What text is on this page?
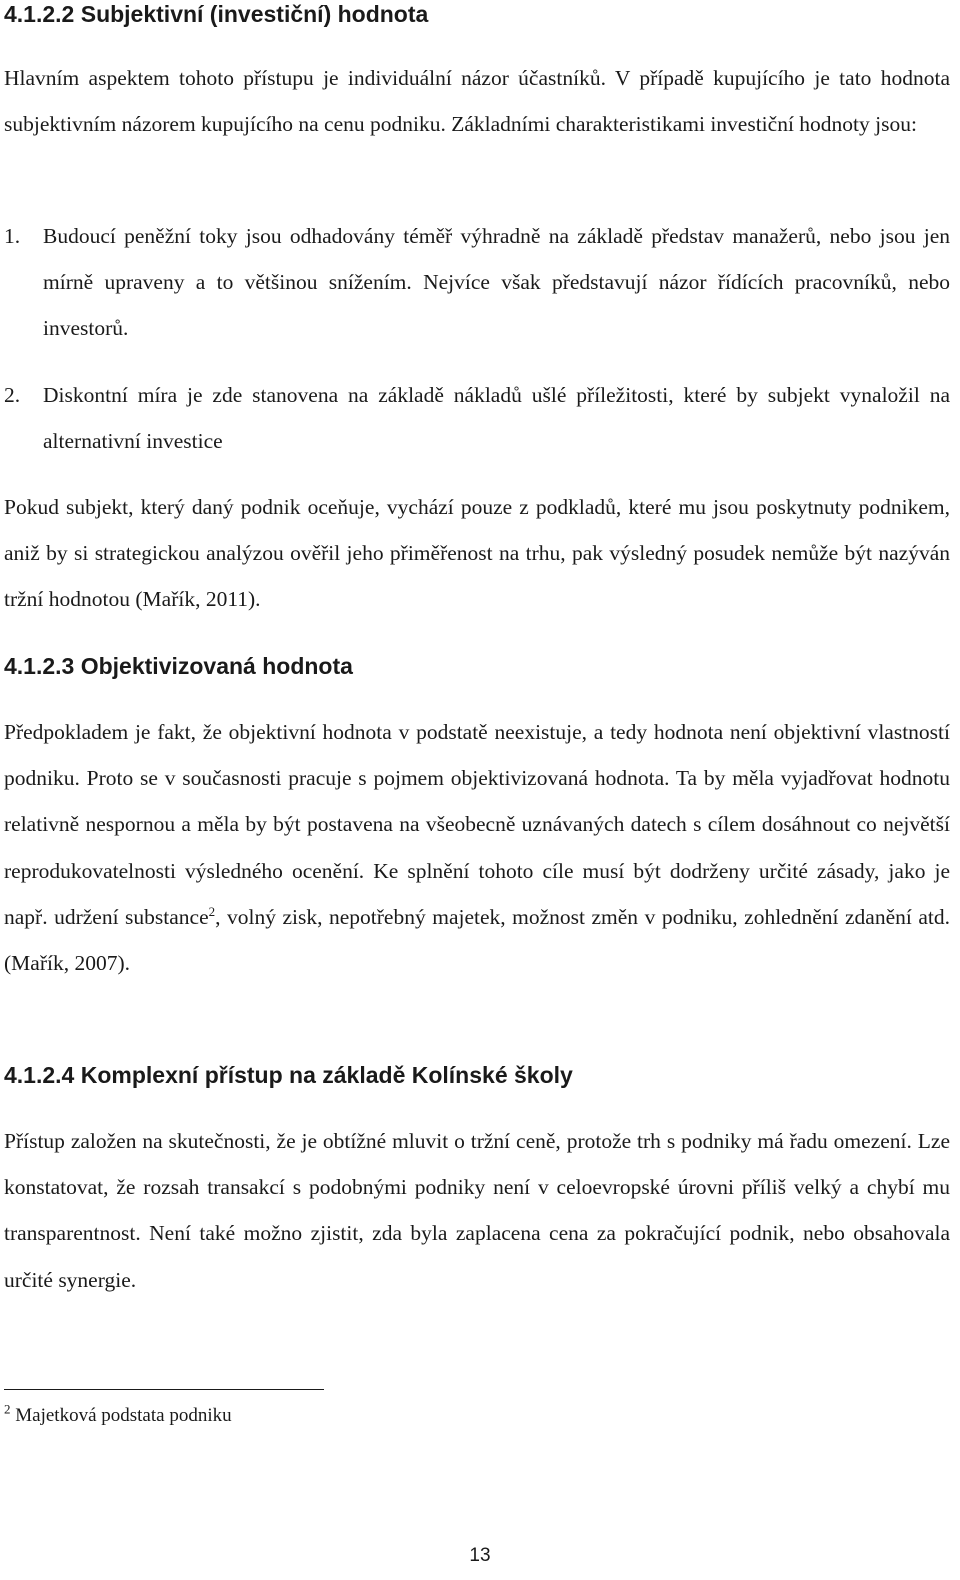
4.1.2.2 Subjektivní (investiční) hodnota

Hlavním aspektem tohoto přístupu je individuální názor účastníků. V případě kupujícího je tato hodnota subjektivním názorem kupujícího na cenu podniku. Základními charakteristikami investiční hodnoty jsou:

1. Budoucí peněžní toky jsou odhadovány téměř výhradně na základě představ manažerů, nebo jsou jen mírně upraveny a to většinou snížením. Nejvíce však představují názor řídících pracovníků, nebo investorů.
2. Diskontní míra je zde stanovena na základě nákladů ušlé příležitosti, které by subjekt vynaložil na alternativní investice

Pokud subjekt, který daný podnik oceňuje, vychází pouze z podkladů, které mu jsou poskytnuty podnikem, aniž by si strategickou analýzou ověřil jeho přiměřenost na trhu, pak výsledný posudek nemůže být nazýván tržní hodnotou (Mařík, 2011).

4.1.2.3 Objektivizovaná hodnota

Předpokladem je fakt, že objektivní hodnota v podstatě neexistuje, a tedy hodnota není objektivní vlastností podniku. Proto se v současnosti pracuje s pojmem objektivizovaná hodnota. Ta by měla vyjadřovat hodnotu relativně nespornou a měla by být postavena na všeobecně uznávaných datech s cílem dosáhnout co největší reprodukovatelnosti výsledného ocenění. Ke splnění tohoto cíle musí být dodrženy určité zásady, jako je např. udržení substance$^2$, volný zisk, nepotřebný majetek, možnost změn v podniku, zohlednění zdanění atd. (Mařík, 2007).

4.1.2.4 Komplexní přístup na základě Kolínské školy

Přístup založen na skutečnosti, že je obtížné mluvit o tržní ceně, protože trh s podniky má řadu omezení. Lze konstatovat, že rozsah transakcí s podobnými podniky není v celoevropské úrovni příliš velký a chybí mu transparentnost. Není také možno zjistit, zda byla zaplacena cena za pokračující podnik, nebo obsahovala určité synergie.

$^2$ Majetková podstata podniku
13
